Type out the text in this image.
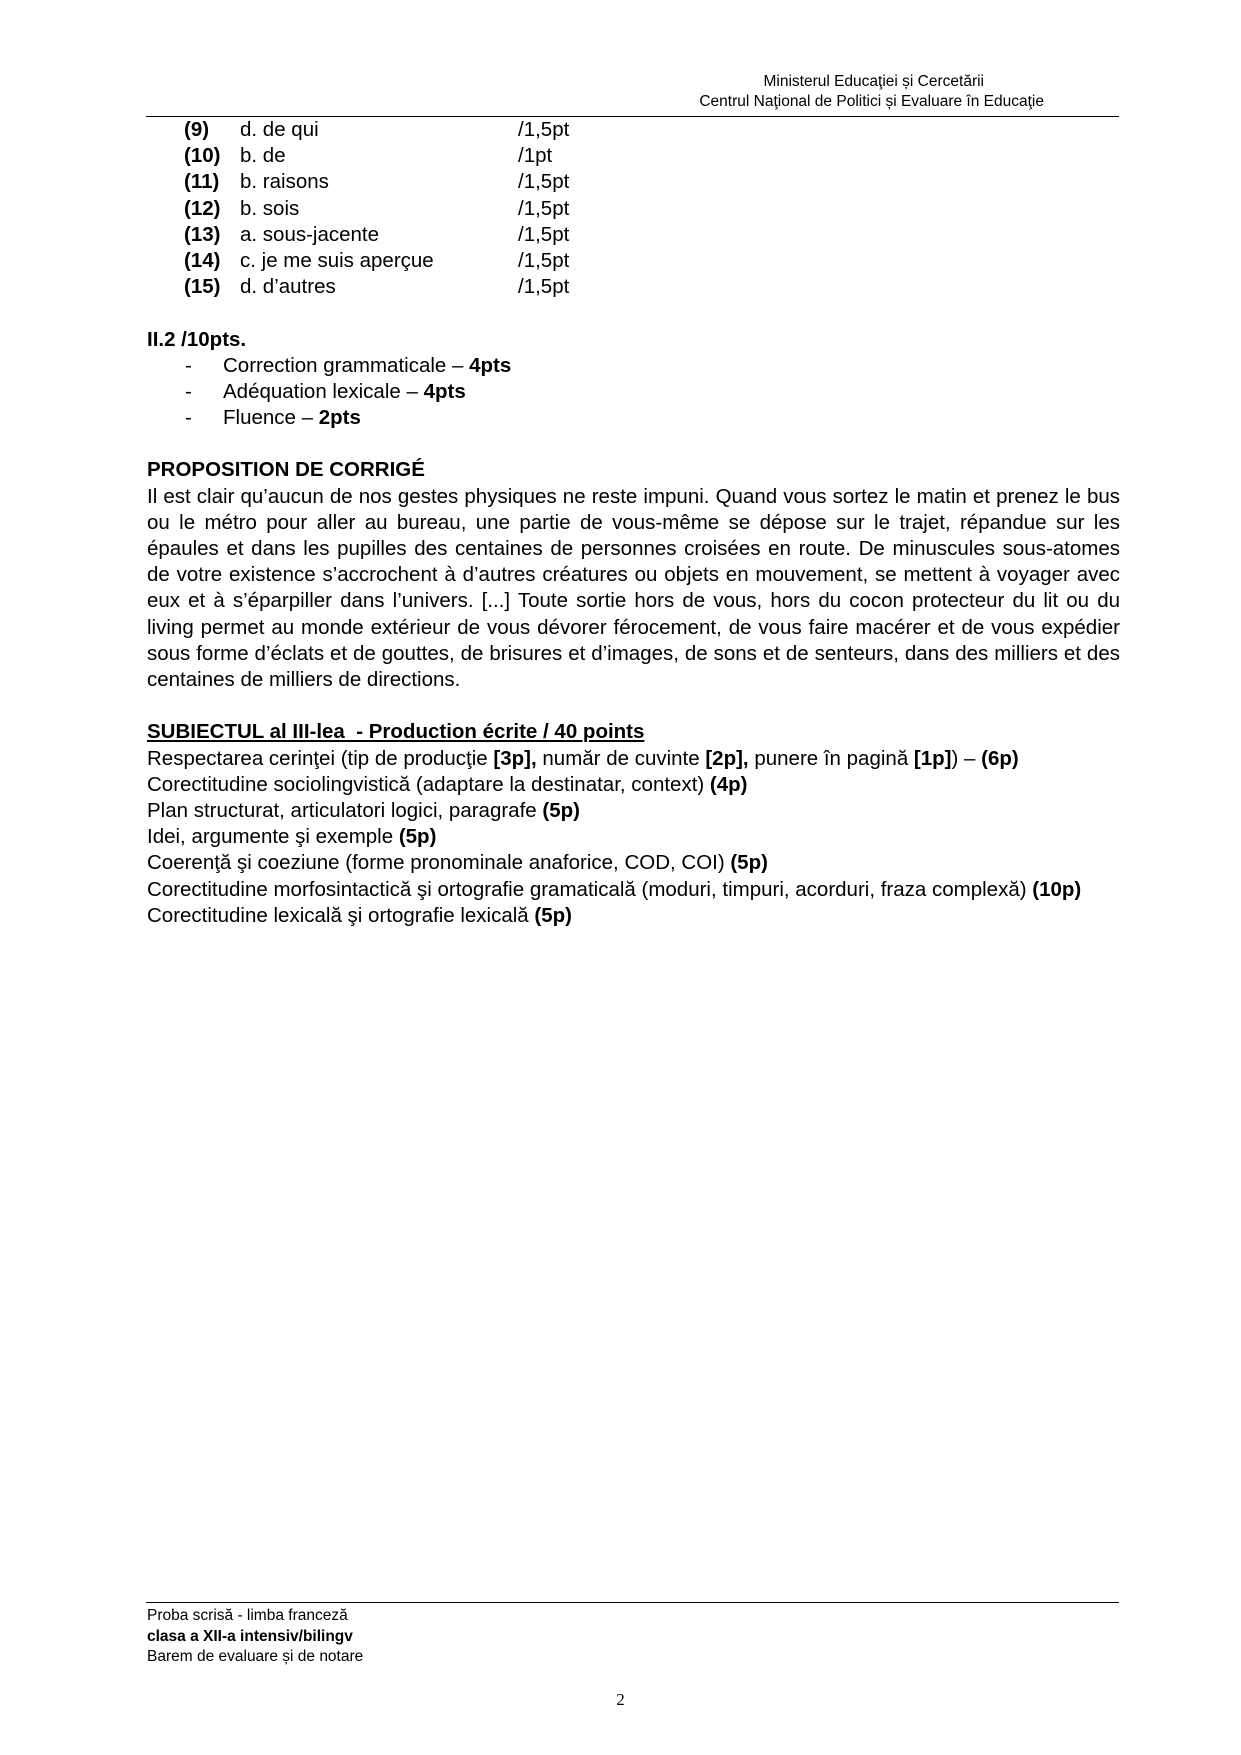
Ministerul Educaţiei și Cercetării
Centrul Naţional de Politici și Evaluare în Educaţie
(9)	d. de qui	/1,5pt
(10) b. de	/1pt
(11)	b. raisons	/1,5pt
(12) b. sois	/1,5pt
(13) a. sous-jacente	/1,5pt
(14) c. je me suis aperçue	/1,5pt
(15) d. d’autres	/1,5pt
II.2 /10pts.
-	Correction grammaticale – 4pts
-	Adéquation lexicale – 4pts
-	Fluence – 2pts
PROPOSITION DE CORRIGÉ

Il est clair qu’aucun de nos gestes physiques ne reste impuni. Quand vous sortez le matin et prenez le bus ou le métro pour aller au bureau, une partie de vous-même se dépose sur le trajet, répandue sur les épaules et dans les pupilles des centaines de personnes croisées en route. De minuscules sous-atomes de votre existence s’accrochent à d’autres créatures ou objets en mouvement, se mettent à voyager avec eux et à s’éparpiller dans l’univers. [...] Toute sortie hors de vous, hors du cocon protecteur du lit ou du living permet au monde extérieur de vous dévorer férocement, de vous faire macérer et de vous expédier sous forme d’éclats et de gouttes, de brisures et d’images, de sons et de senteurs, dans des milliers et des centaines de milliers de directions.

SUBIECTUL al III-lea  - Production écrite / 40 points
Respectarea cerinţei (tip de producţie [3p], număr de cuvinte [2p], punere în pagină [1p]) – (6p)
Corectitudine sociolingvistică (adaptare la destinatar, context) (4p)
Plan structurat, articulatori logici, paragrafe (5p)
Idei, argumente şi exemple (5p)
Coerenţă şi coeziune (forme pronominale anaforice, COD, COI) (5p)
Corectitudine morfosintactică şi ortografie gramaticală (moduri, timpuri, acorduri, fraza complexă) (10p)
Corectitudine lexicală şi ortografie lexicală (5p)
Proba scrisă - limba franceză
clasa a XII-a intensiv/bilingv
Barem de evaluare și de notare
2
